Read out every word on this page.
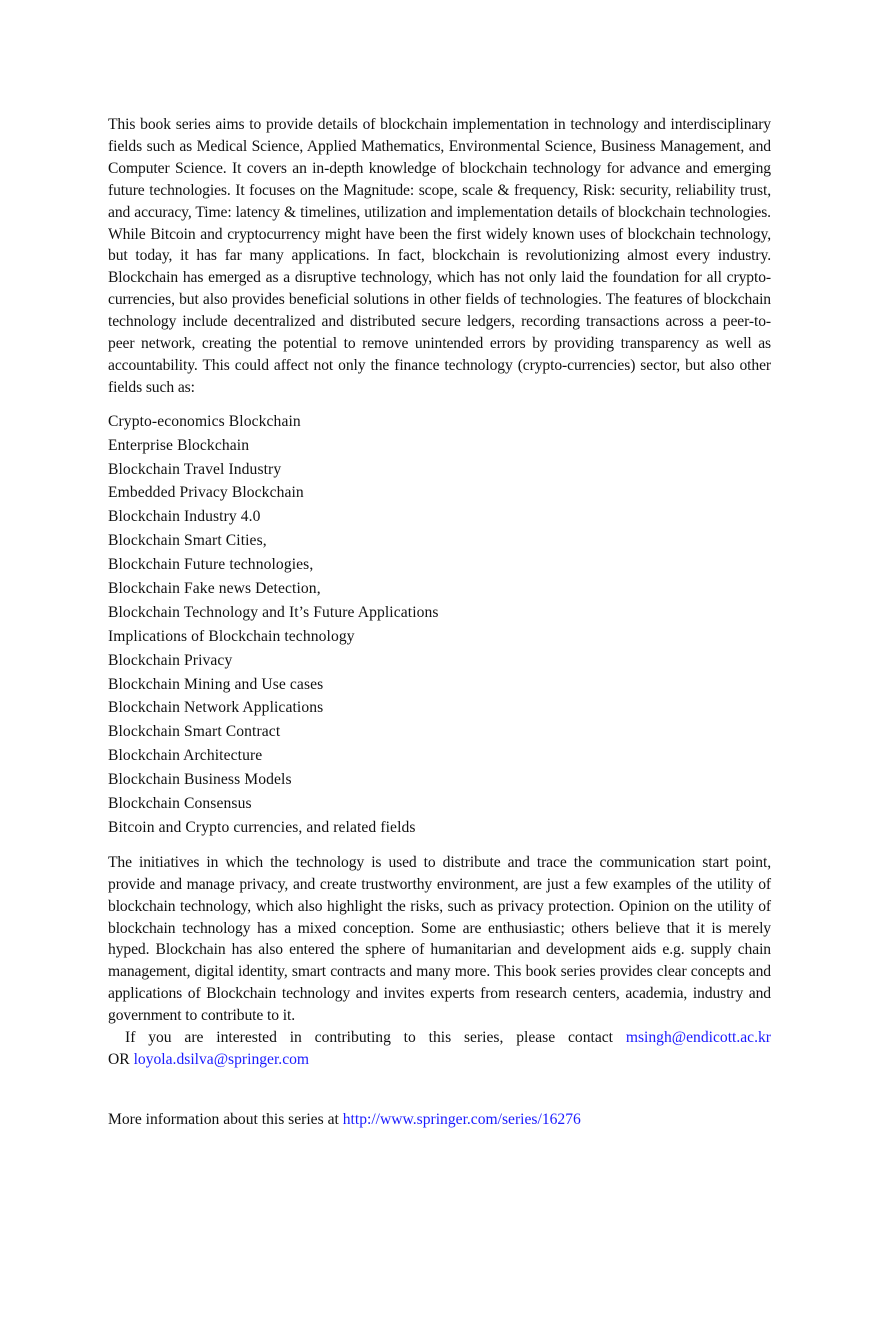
This book series aims to provide details of blockchain implementation in technology and interdisciplinary fields such as Medical Science, Applied Mathematics, Environmental Science, Business Management, and Computer Science. It covers an in-depth knowledge of blockchain technology for advance and emerging future technologies. It focuses on the Magnitude: scope, scale & frequency, Risk: security, reliability trust, and accuracy, Time: latency & timelines, utilization and implementation details of blockchain technologies. While Bitcoin and cryptocurrency might have been the first widely known uses of blockchain technology, but today, it has far many applications. In fact, blockchain is revolutionizing almost every industry. Blockchain has emerged as a disruptive technology, which has not only laid the foundation for all crypto-currencies, but also provides beneficial solutions in other fields of technologies. The features of blockchain technology include decentralized and distributed secure ledgers, recording transactions across a peer-to-peer network, creating the potential to remove unintended errors by providing transparency as well as accountability. This could affect not only the finance technology (crypto-currencies) sector, but also other fields such as:

Crypto-economics Blockchain
Enterprise Blockchain
Blockchain Travel Industry
Embedded Privacy Blockchain
Blockchain Industry 4.0
Blockchain Smart Cities,
Blockchain Future technologies,
Blockchain Fake news Detection,
Blockchain Technology and It’s Future Applications
Implications of Blockchain technology
Blockchain Privacy
Blockchain Mining and Use cases
Blockchain Network Applications
Blockchain Smart Contract
Blockchain Architecture
Blockchain Business Models
Blockchain Consensus
Bitcoin and Crypto currencies, and related fields

The initiatives in which the technology is used to distribute and trace the communication start point, provide and manage privacy, and create trustworthy environment, are just a few examples of the utility of blockchain technology, which also highlight the risks, such as privacy protection. Opinion on the utility of blockchain technology has a mixed conception. Some are enthusiastic; others believe that it is merely hyped. Blockchain has also entered the sphere of humanitarian and development aids e.g. supply chain management, digital identity, smart contracts and many more. This book series provides clear concepts and applications of Blockchain technology and invites experts from research centers, academia, industry and government to contribute to it.

If you are interested in contributing to this series, please contact msingh@endicott.ac.kr

OR loyola.dsilva@springer.com

More information about this series at http://www.springer.com/series/16276
